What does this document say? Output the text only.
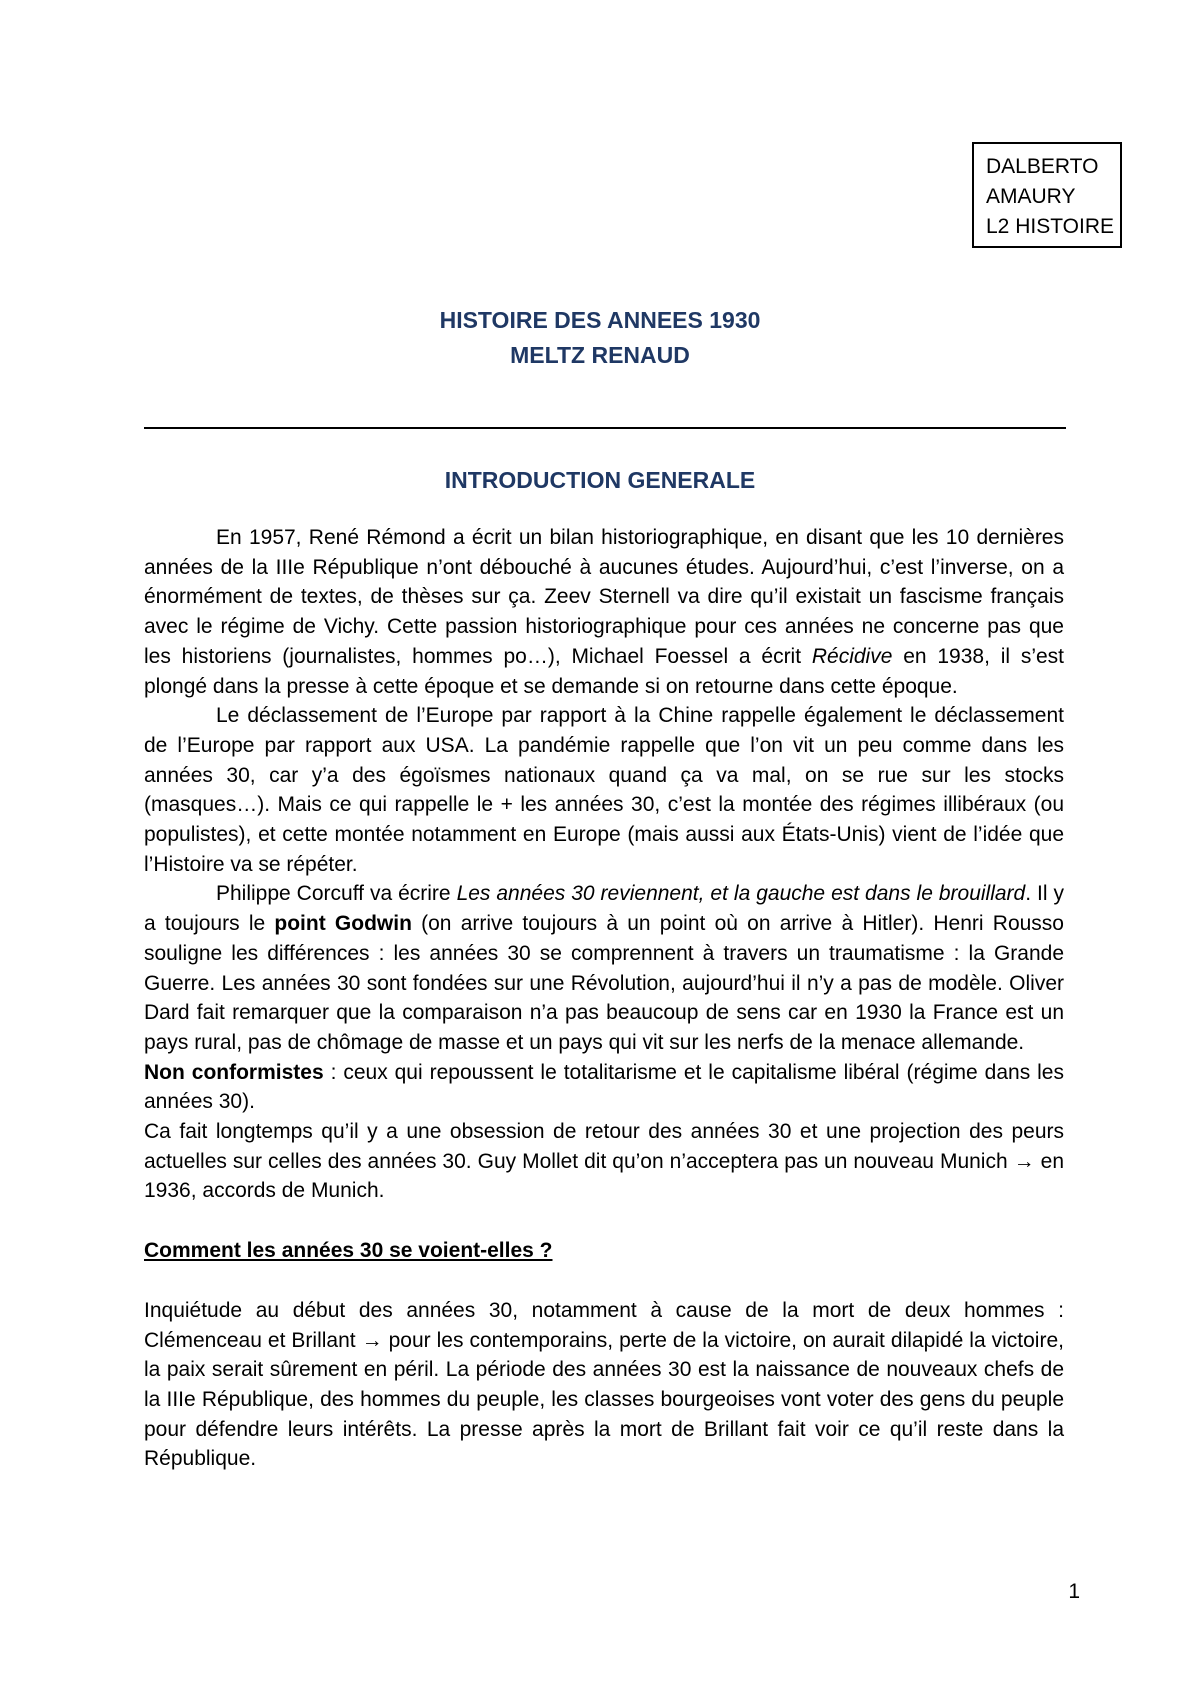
DALBERTO
AMAURY
L2 HISTOIRE
HISTOIRE DES ANNEES 1930
MELTZ RENAUD
INTRODUCTION GENERALE

En 1957, René Rémond a écrit un bilan historiographique, en disant que les 10 dernières années de la IIIe République n’ont débouché à aucunes études. Aujourd’hui, c’est l’inverse, on a énormément de textes, de thèses sur ça. Zeev Sternell va dire qu’il existait un fascisme français avec le régime de Vichy. Cette passion historiographique pour ces années ne concerne pas que les historiens (journalistes, hommes po…), Michael Foessel a écrit Récidive en 1938, il s’est plongé dans la presse à cette époque et se demande si on retourne dans cette époque.

Le déclassement de l’Europe par rapport à la Chine rappelle également le déclassement de l’Europe par rapport aux USA. La pandémie rappelle que l’on vit un peu comme dans les années 30, car y’a des égoïsmes nationaux quand ça va mal, on se rue sur les stocks (masques…). Mais ce qui rappelle le + les années 30, c’est la montée des régimes illibéraux (ou populistes), et cette montée notamment en Europe (mais aussi aux États-Unis) vient de l’idée que l’Histoire va se répéter.

Philippe Corcuff va écrire Les années 30 reviennent, et la gauche est dans le brouillard. Il y a toujours le point Godwin (on arrive toujours à un point où on arrive à Hitler). Henri Rousso souligne les différences : les années 30 se comprennent à travers un traumatisme : la Grande Guerre. Les années 30 sont fondées sur une Révolution, aujourd’hui il n’y a pas de modèle. Oliver Dard fait remarquer que la comparaison n’a pas beaucoup de sens car en 1930 la France est un pays rural, pas de chômage de masse et un pays qui vit sur les nerfs de la menace allemande.

Non conformistes : ceux qui repoussent le totalitarisme et le capitalisme libéral (régime dans les années 30).

Ca fait longtemps qu’il y a une obsession de retour des années 30 et une projection des peurs actuelles sur celles des années 30. Guy Mollet dit qu’on n’acceptera pas un nouveau Munich → en 1936, accords de Munich.

Comment les années 30 se voient-elles ?

Inquiétude au début des années 30, notamment à cause de la mort de deux hommes : Clémenceau et Brillant → pour les contemporains, perte de la victoire, on aurait dilapidé la victoire, la paix serait sûrement en péril. La période des années 30 est la naissance de nouveaux chefs de la IIIe République, des hommes du peuple, les classes bourgeoises vont voter des gens du peuple pour défendre leurs intérêts. La presse après la mort de Brillant fait voir ce qu’il reste dans la République.

1
